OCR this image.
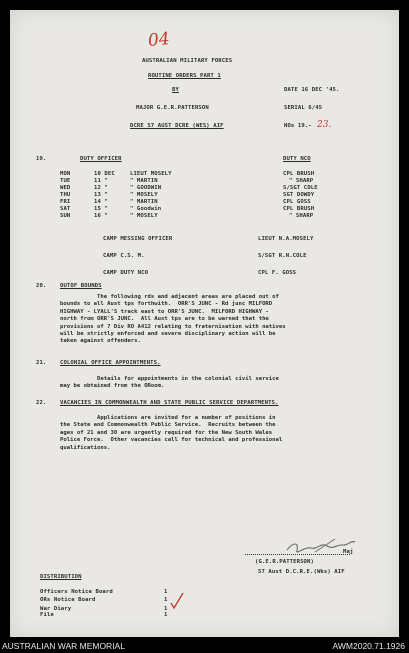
04
AUSTRALIAN MILITARY FORCES
ROUTINE ORDERS PART 1
BY
MAJOR G.E.R.PATTERSON
DCRE 57 AUST DCRE (WES) AIF
DATE 16 DEC '45.
SERIAL 6/45
NOs 19.- 23.
19.	DUTY OFFICER	DUTY NCO
MON	10 DEC	LIEUT MOSELY	CPL BRUSH
TUE	11 "	" MARTIN	" SHARP
WED	12 "	" GOODWIN	S/SGT COLE
THU	13 "	" MOSELY	SGT DOWDY
FRI	14 "	" MARTIN	CPL GOSS
SAT	15 "	" Goodwin	CPL BRUSH
SUN	16 "	" MOSELY	" SHARP
CAMP MESSING OFFICER	LIEUT N.A.MOSELY
CAMP C.S. M.	S/SGT R.N.COLE
CAMP DUTY NCO	CPL F. GOSS
20. OUTOF BOUNDS
The following rds and adjacent areas are placed out of
bounds to all Aust tps forthwith.  ORR'S JUNC - Rd junc MILFORD
HIGHWAY - LYALL'S track east to ORR'S JUNC.  MILFORD HIGHWAY -
north from ORR'S JUNC.  All Aust tps are to be warned that the
provisions of 7 Div RO A412 relating to fraternisation with natives
will be strictly enforced and severe disciplinary action will be
taken against offenders.
21. COLONIAL OFFICE APPOINTMENTS.
Details for appointments in the colonial civil service
may be obtained from the ORoom.
22. VACANCIES IN COMMONWEALTH AND STATE PUBLIC SERVICE DEPARTMENTS.
Applications are invited for a number of positions in
the State and Commonwealth Public Service.  Recruits between the
ages of 21 and 30 are urgently required for the New South Wales
Police Force.  Other vacancies call for technical and professional
qualifications.
Maj
(G.E.R.PATTERSON)
57 Aust D.C.R.E.(Wks) AIF
DISTRIBUTION
Officers Notice Board	1
ORs Notice Board	1
War Diary	1
File	1
AUSTRALIAN WAR MEMORIAL	AWM2020.71.1926
